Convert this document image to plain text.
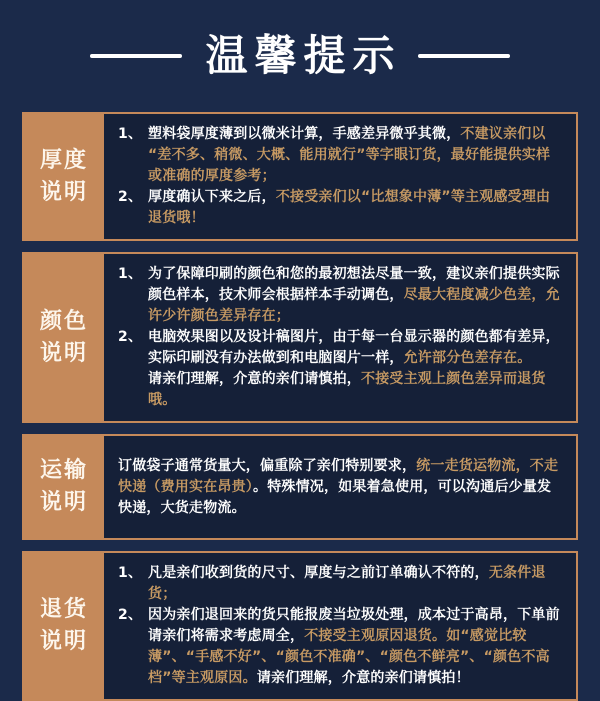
温馨提示
厚度
说明
1、 塑料袋厚度薄到以微米计算，手感差异微乎其微，不建议亲们以“差不多、稍微、大概、能用就行”等字眼订货，最好能提供实样或准确的厚度参考；
2、 厚度确认下来之后，不接受亲们以“比想象中薄”等主观感受理由退货哦！
颜色
说明
1、 为了保障印刷的颜色和您的最初想法尽量一致，建议亲们提供实际颜色样本，技术师会根据样本手动调色，尽最大程度减少色差，允许少许颜色差异存在；
2、 电脑效果图以及设计稿图片，由于每一台显示器的颜色都有差异，实际印刷没有办法做到和电脑图片一样，允许部分色差存在。
请亲们理解，介意的亲们请慎拍，不接受主观上颜色差异而退货哦。
运输
说明
订做袋子通常货量大，偏重除了亲们特别要求，统一走货运物流，不走快递（费用实在昂贵）。特殊情况，如果着急使用，可以沟通后少量发快递，大货走物流。
退货
说明
1、 凡是亲们收到货的尺寸、厚度与之前订单确认不符的，无条件退货；
2、 因为亲们退回来的货只能报废当垃圾处理，成本过于高昂，下单前请亲们将需求考虑周全，不接受主观原因退货。如“感觉比较薄”、“手感不好”、“颜色不准确”、“颜色不鲜亮”、“颜色不高档”等主观原因。请亲们理解，介意的亲们请慎拍！
